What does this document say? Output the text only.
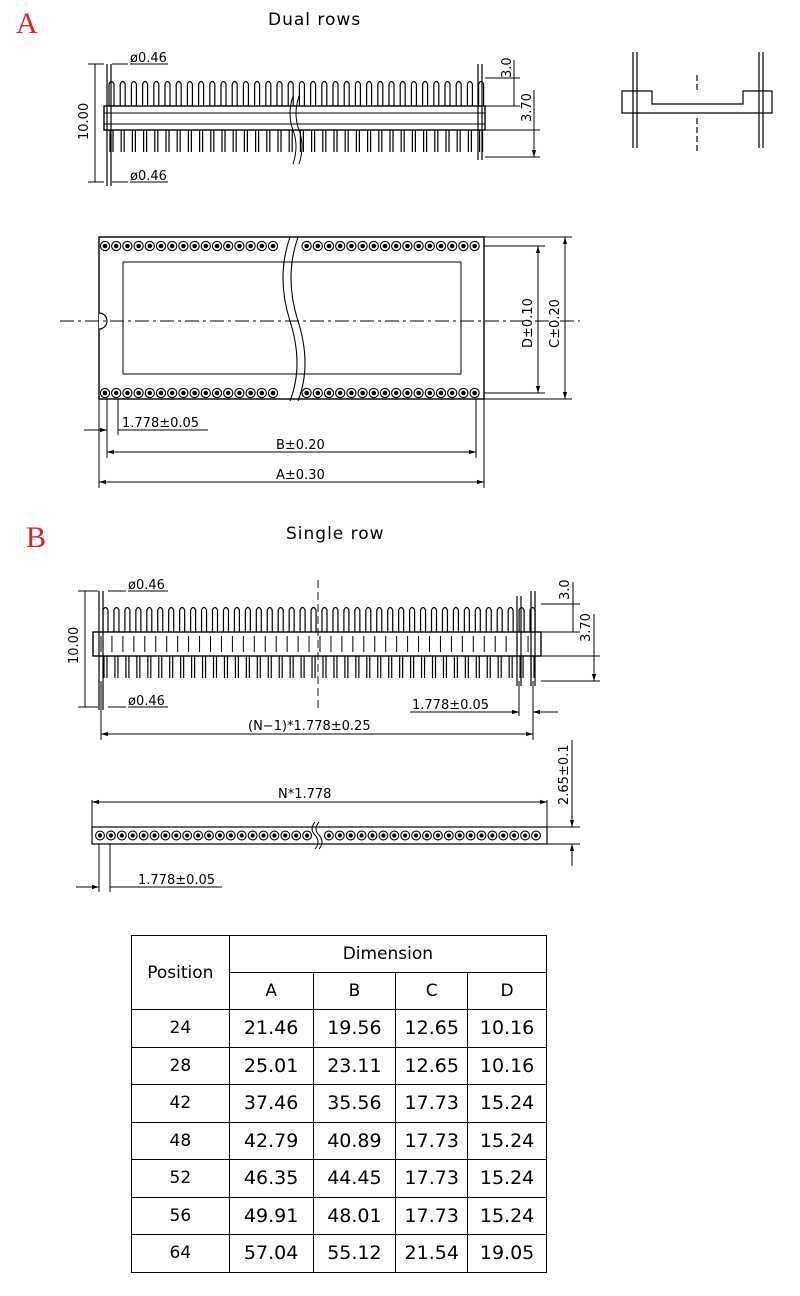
A	Dual rows
10.00
ø0.46
ø0.46
3.0
3.70
D±0.10 C±0.20
1.778±0.05
B±0.20
A±0.30
B	Single row
10.00
ø0.46
ø0.46
3.0
3.70
1.778±0.05
(N−1)*1.778±0.25
N*1.778	2.65±0.1
1.778±0.05
Position	Dimension			
	A	B	C	D
24	21.46	19.56	12.65	10.16
28	25.01	23.11	12.65	10.16
42	37.46	35.56	17.73	15.24
48	42.79	40.89	17.73	15.24
52	46.35	44.45	17.73	15.24
56	49.91	48.01	17.73	15.24
64	57.04	55.12	21.54	19.05
